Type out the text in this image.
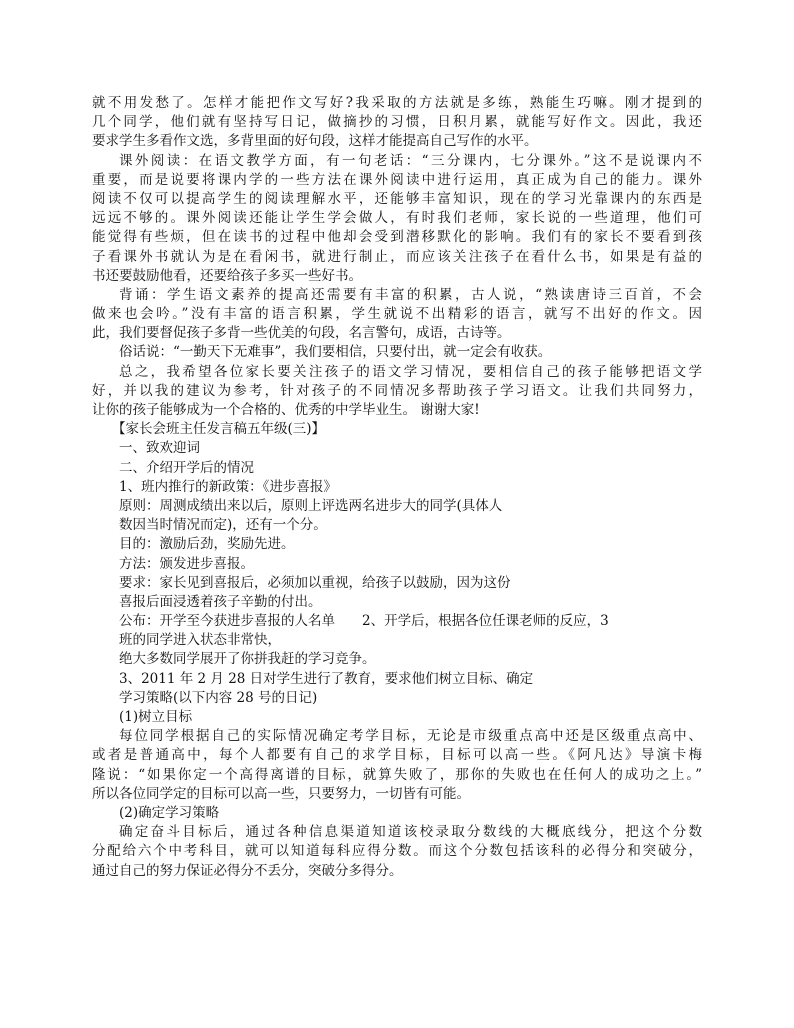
就不用发愁了。怎样才能把作文写好?我采取的方法就是多练，熟能生巧嘛。刚才提到的
几个同学，他们就有坚持写日记，做摘抄的习惯，日积月累，就能写好作文。因此，我还
要求学生多看作文选，多背里面的好句段，这样才能提高自己写作的水平。
课外阅读：在语文教学方面，有一句老话：“三分课内，七分课外。”这不是说课内不
重要，而是说要将课内学的一些方法在课外阅读中进行运用，真正成为自己的能力。课外
阅读不仅可以提高学生的阅读理解水平，还能够丰富知识，现在的学习光靠课内的东西是
远远不够的。课外阅读还能让学生学会做人，有时我们老师，家长说的一些道理，他们可
能觉得有些烦，但在读书的过程中他却会受到潜移默化的影响。我们有的家长不要看到孩
子看课外书就认为是在看闲书，就进行制止，而应该关注孩子在看什么书，如果是有益的
书还要鼓励他看，还要给孩子多买一些好书。
背诵：学生语文素养的提高还需要有丰富的积累，古人说，“熟读唐诗三百首，不会
做来也会吟。”没有丰富的语言积累，学生就说不出精彩的语言，就写不出好的作文。因
此，我们要督促孩子多背一些优美的句段，名言警句，成语，古诗等。
俗话说：“一勤天下无难事”，我们要相信，只要付出，就一定会有收获。
总之，我希望各位家长要关注孩子的语文学习情况，要相信自己的孩子能够把语文学
好，并以我的建议为参考，针对孩子的不同情况多帮助孩子学习语文。让我们共同努力，
让你的孩子能够成为一个合格的、优秀的中学毕业生。 谢谢大家!
【家长会班主任发言稿五年级(三)】
一、致欢迎词
二、介绍开学后的情况
1、班内推行的新政策：《进步喜报》
原则：周测成绩出来以后，原则上评选两名进步大的同学(具体人
数因当时情况而定)，还有一个分。
目的：激励后劲，奖励先进。
方法：颁发进步喜报。
要求：家长见到喜报后，必须加以重视，给孩子以鼓励，因为这份
喜报后面浸透着孩子辛勤的付出。
公布：开学至今获进步喜报的人名单　　2、开学后，根据各位任课老师的反应，3
班的同学进入状态非常快，
绝大多数同学展开了你拼我赶的学习竞争。
3、2011 年 2 月 28 日对学生进行了教育，要求他们树立目标、确定
学习策略(以下内容 28 号的日记)
(1)树立目标
每位同学根据自己的实际情况确定考学目标，无论是市级重点高中还是区级重点高中、
或者是普通高中，每个人都要有自己的求学目标，目标可以高一些。《阿凡达》导演卡梅
隆说：“如果你定一个高得离谱的目标，就算失败了，那你的失败也在任何人的成功之上。”
所以各位同学定的目标可以高一些，只要努力，一切皆有可能。
(2)确定学习策略
确定奋斗目标后，通过各种信息渠道知道该校录取分数线的大概底线分，把这个分数
分配给六个中考科目，就可以知道每科应得分数。而这个分数包括该科的必得分和突破分，
通过自己的努力保证必得分不丢分，突破分多得分。
